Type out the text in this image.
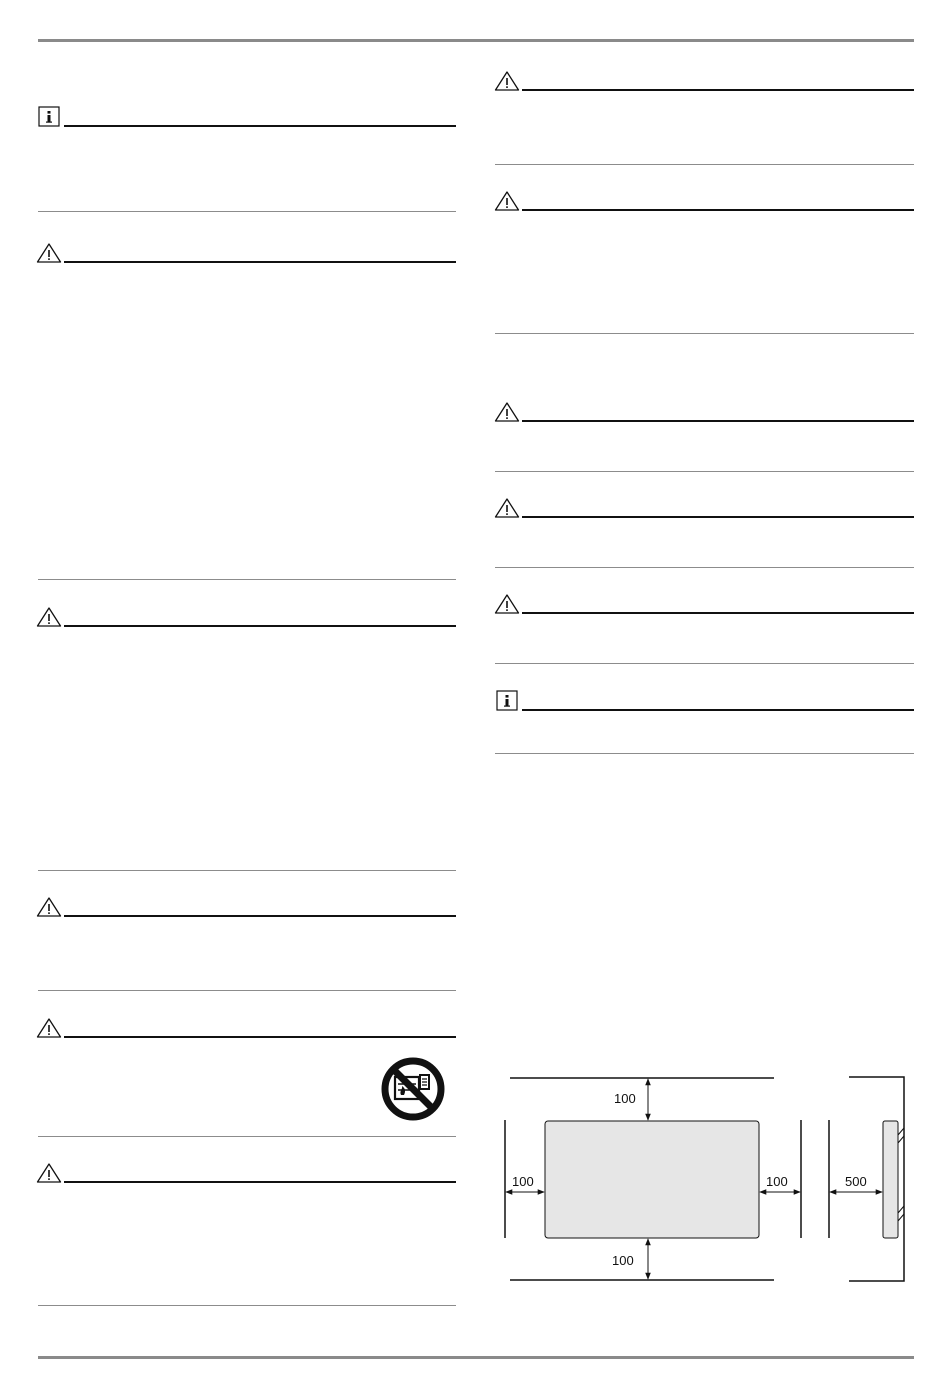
100
100
100	100	500
